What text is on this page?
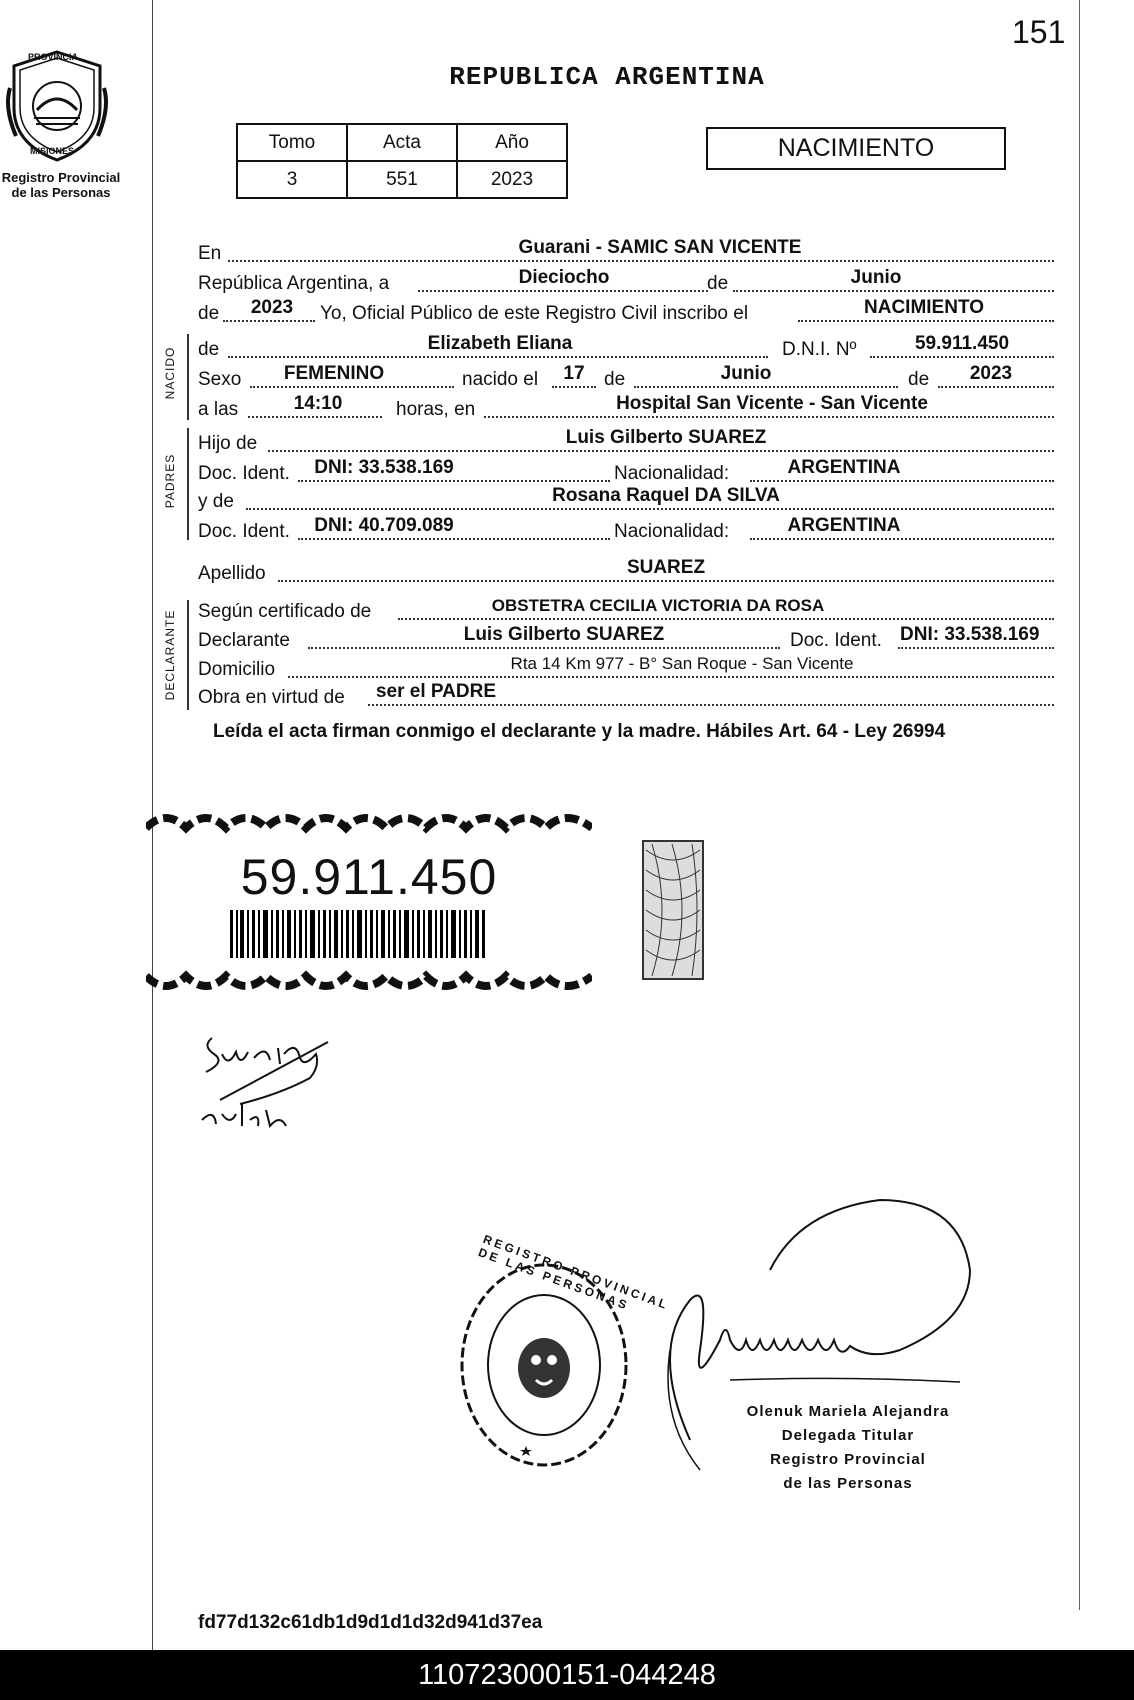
151
PROVINCIA
MISIONES
Registro Provincial
de las Personas
REPUBLICA ARGENTINA
Tomo	Acta	Año
3	551	2023
NACIMIENTO
En	Guarani - SAMIC SAN VICENTE
República Argentina, a	Dieciocho	de	Junio
de 2023 Yo, Oficial Público de este Registro Civil inscribo el	NACIMIENTO
NACIDO de	Elizabeth Eliana	D.N.I. Nº	59.911.450
Sexo FEMENINO	nacido el 17 de	Junio	de 2023
a las	14:10	horas, en	Hospital San Vicente - San Vicente
PADRES
Hijo de	Luis Gilberto SUAREZ
Doc. Ident. DNI: 33.538.169	Nacionalidad:	ARGENTINA
y de	Rosana Raquel DA SILVA
Doc. Ident. DNI: 40.709.089	Nacionalidad:	ARGENTINA
Apellido	SUAREZ
DECLARANTE Según certificado de	OBSTETRA CECILIA VICTORIA DA ROSA
Declarante	Luis Gilberto SUAREZ	Doc. Ident. DNI: 33.538.169
Domicilio	Rta 14 Km 977 - B° San Roque - San Vicente
Obra en virtud de ser el PADRE
Leída el acta firman conmigo el declarante y la madre. Hábiles Art. 64 - Ley 26994
59.911.450
REGISTRO PROVINCIAL DE LAS PERSONAS
Olenuk Mariela Alejandra
Delegada Titular
Registro Provincial
de las Personas
fd77d132c61db1d9d1d1d32d941d37ea
110723000151-044248
